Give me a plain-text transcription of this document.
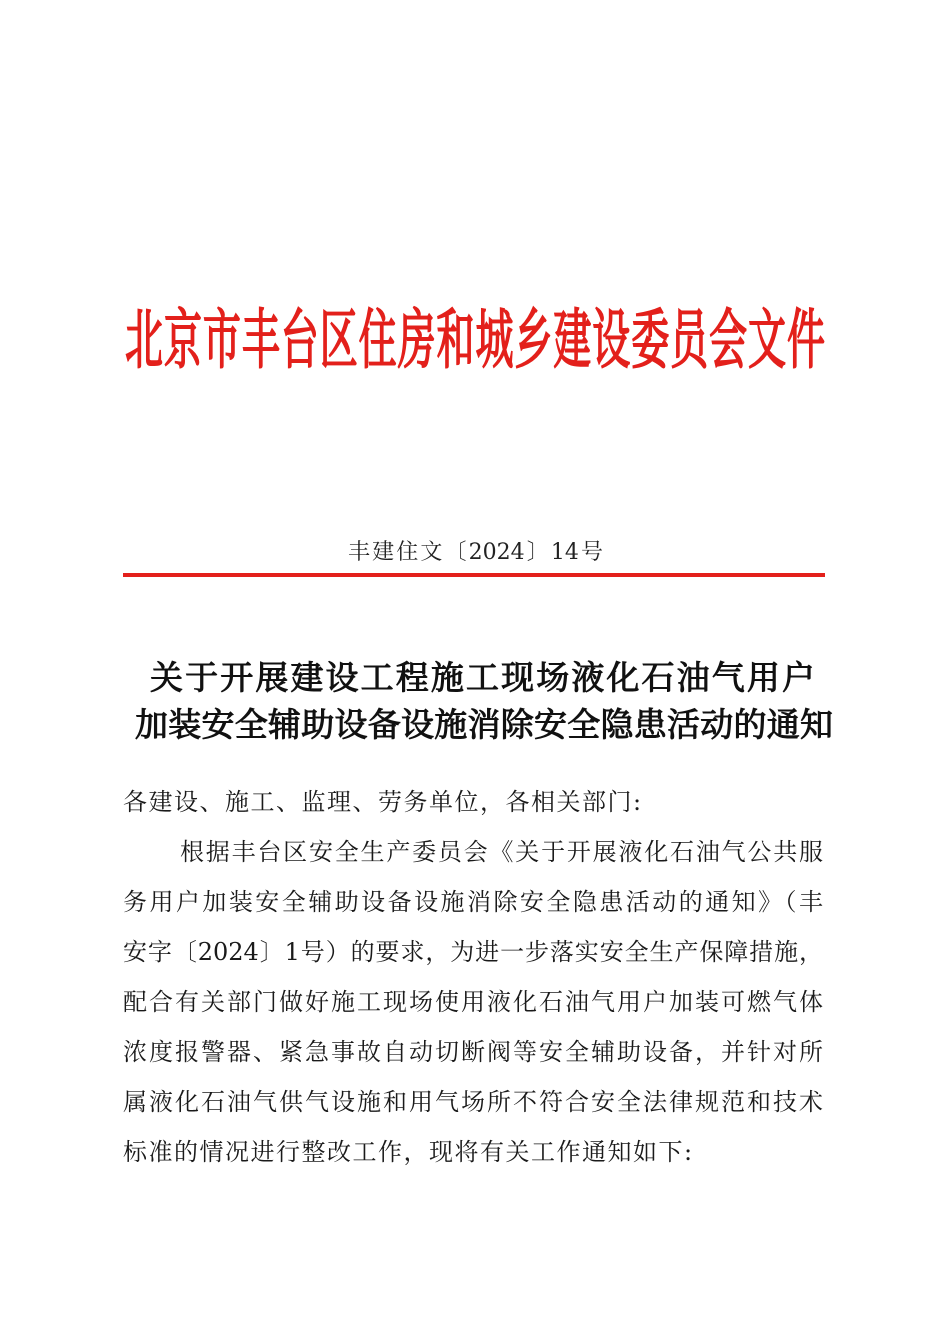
北京市丰台区住房和城乡建设委员会文件
丰建住文〔2024〕14号
关于开展建设工程施工现场液化石油气用户
加装安全辅助设备设施消除安全隐患活动的通知
各建设、施工、监理、劳务单位，各相关部门:
根据丰台区安全生产委员会《关于开展液化石油气公共服
务用户加装安全辅助设备设施消除安全隐患活动的通知》（丰
安字〔2024〕1号）的要求，为进一步落实安全生产保障措施，
配合有关部门做好施工现场使用液化石油气用户加装可燃气体
浓度报警器、紧急事故自动切断阀等安全辅助设备，并针对所
属液化石油气供气设施和用气场所不符合安全法律规范和技术
标准的情况进行整改工作，现将有关工作通知如下:
